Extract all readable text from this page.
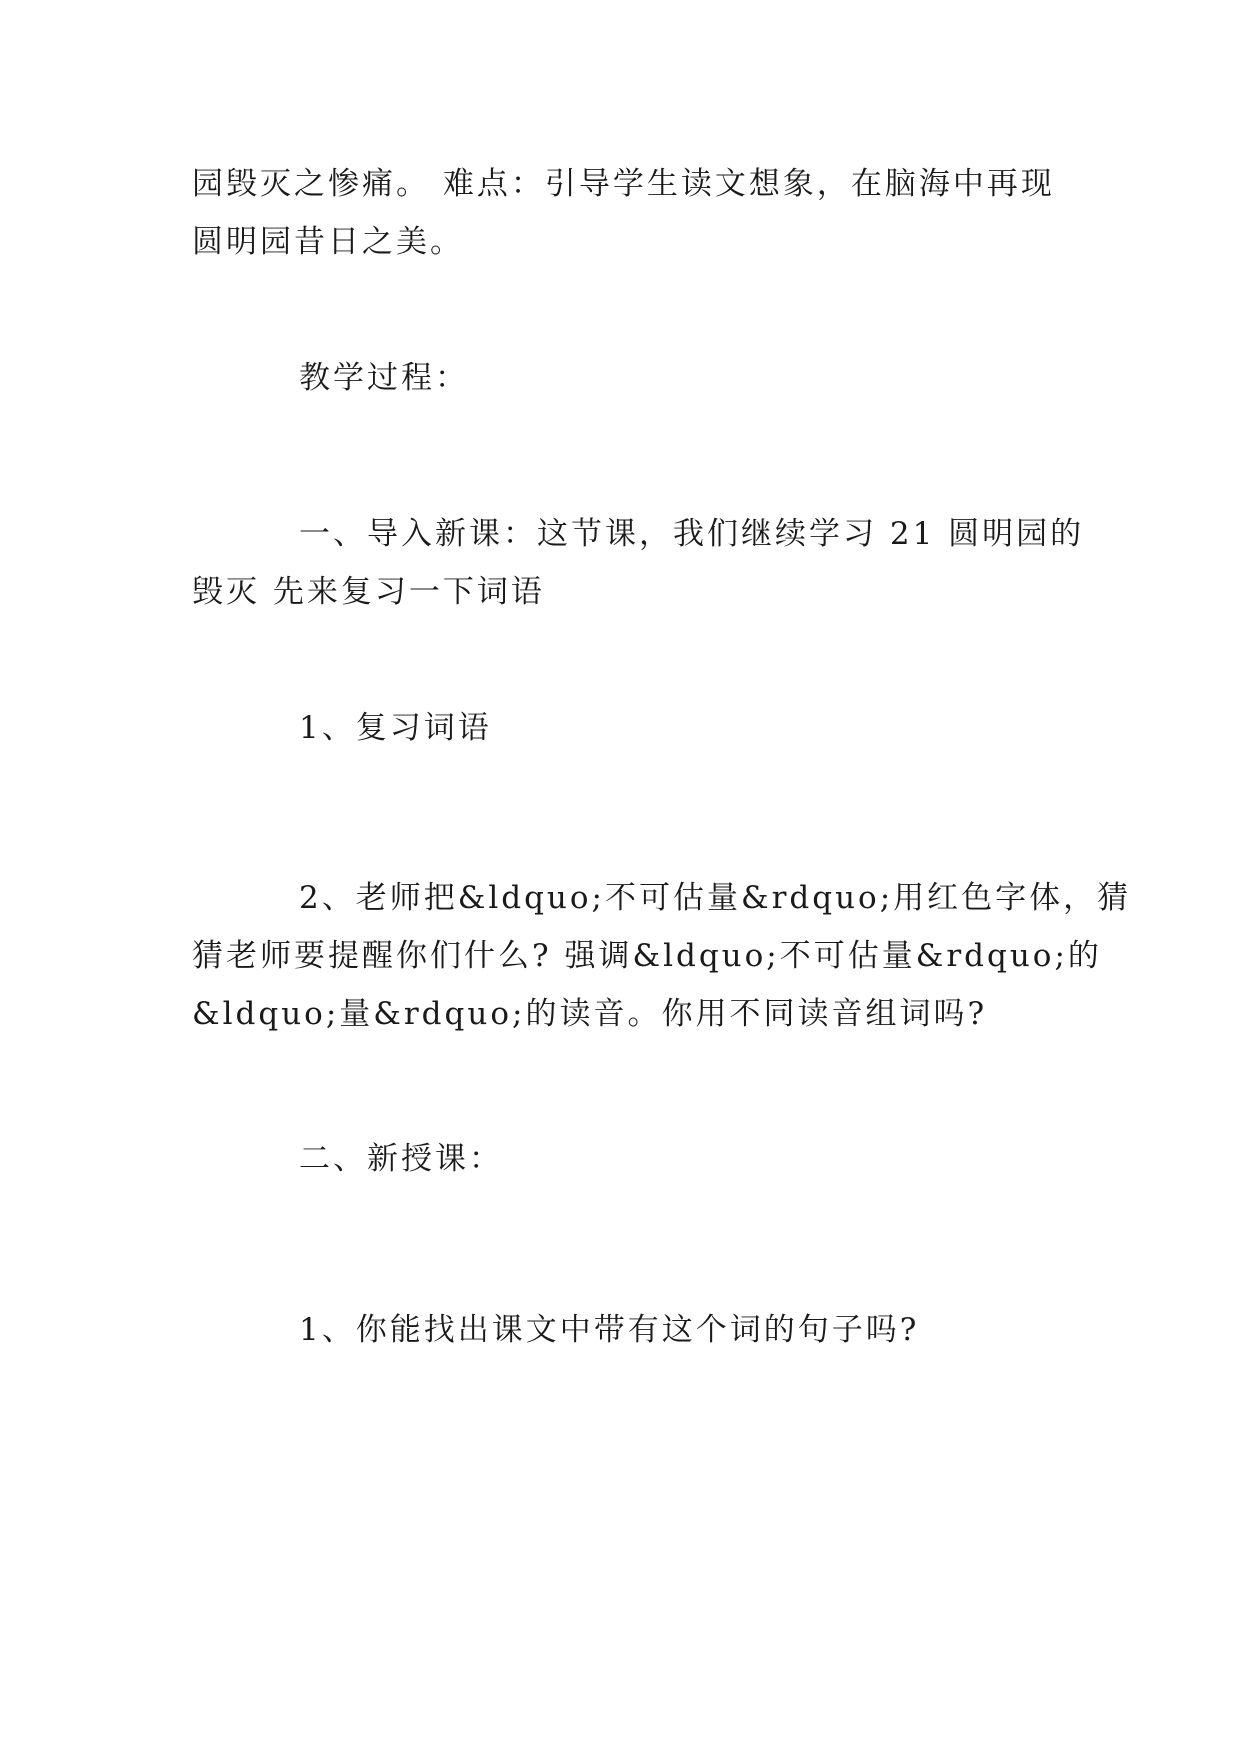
园毁灭之惨痛。 难点：引导学生读文想象，在脑海中再现
圆明园昔日之美。
教学过程：
一、导入新课：这节课，我们继续学习 21 圆明园的
毁灭 先来复习一下词语
1、复习词语
2、老师把&ldquo;不可估量&rdquo;用红色字体，猜
猜老师要提醒你们什么? 强调&ldquo;不可估量&rdquo;的
&ldquo;量&rdquo;的读音。你用不同读音组词吗?
二、新授课：
1、你能找出课文中带有这个词的句子吗?
